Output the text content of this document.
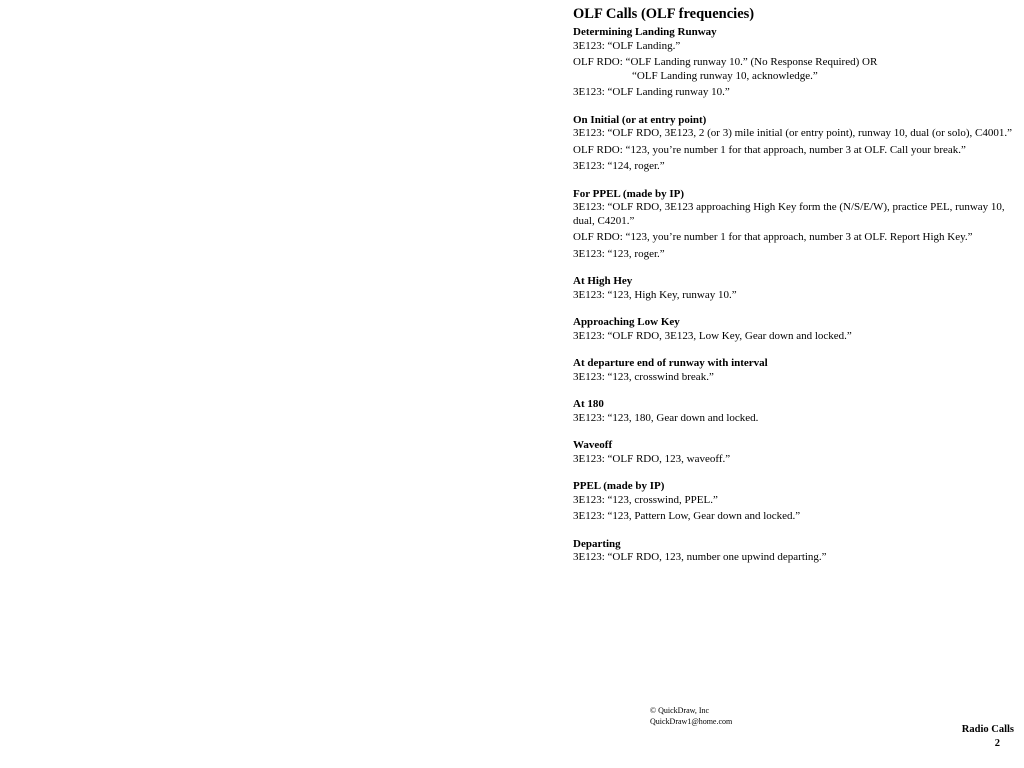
OLF Calls (OLF frequencies)
Determining Landing Runway
3E123: “OLF Landing.”
OLF RDO: “OLF Landing runway 10.” (No Response Required) OR
“OLF Landing runway 10, acknowledge.”
3E123: “OLF Landing runway 10.”
On Initial (or at entry point)
3E123: “OLF RDO, 3E123, 2 (or 3) mile initial (or entry point), runway 10, dual (or solo), C4001.”
OLF RDO: “123, you’re number 1 for that approach, number 3 at OLF. Call your break.”
3E123: “124, roger.”
For PPEL (made by IP)
3E123: “OLF RDO, 3E123 approaching High Key form the (N/S/E/W), practice PEL, runway 10, dual, C4201.”
OLF RDO: “123, you’re number 1 for that approach, number 3 at OLF. Report High Key.”
3E123: “123, roger.”
At High Hey
3E123: “123, High Key, runway 10.”
Approaching Low Key
3E123: “OLF RDO, 3E123, Low Key, Gear down and locked.”
At departure end of runway with interval
3E123: “123, crosswind break.”
At 180
3E123: “123, 180, Gear down and locked.
Waveoff
3E123: “OLF RDO, 123, waveoff.”
PPEL (made by IP)
3E123: “123, crosswind, PPEL.”
3E123: “123, Pattern Low, Gear down and locked.”
Departing
3E123: “OLF RDO, 123, number one upwind departing.”
© QuickDraw, Inc
QuickDraw1@home.com
Radio Calls
2
